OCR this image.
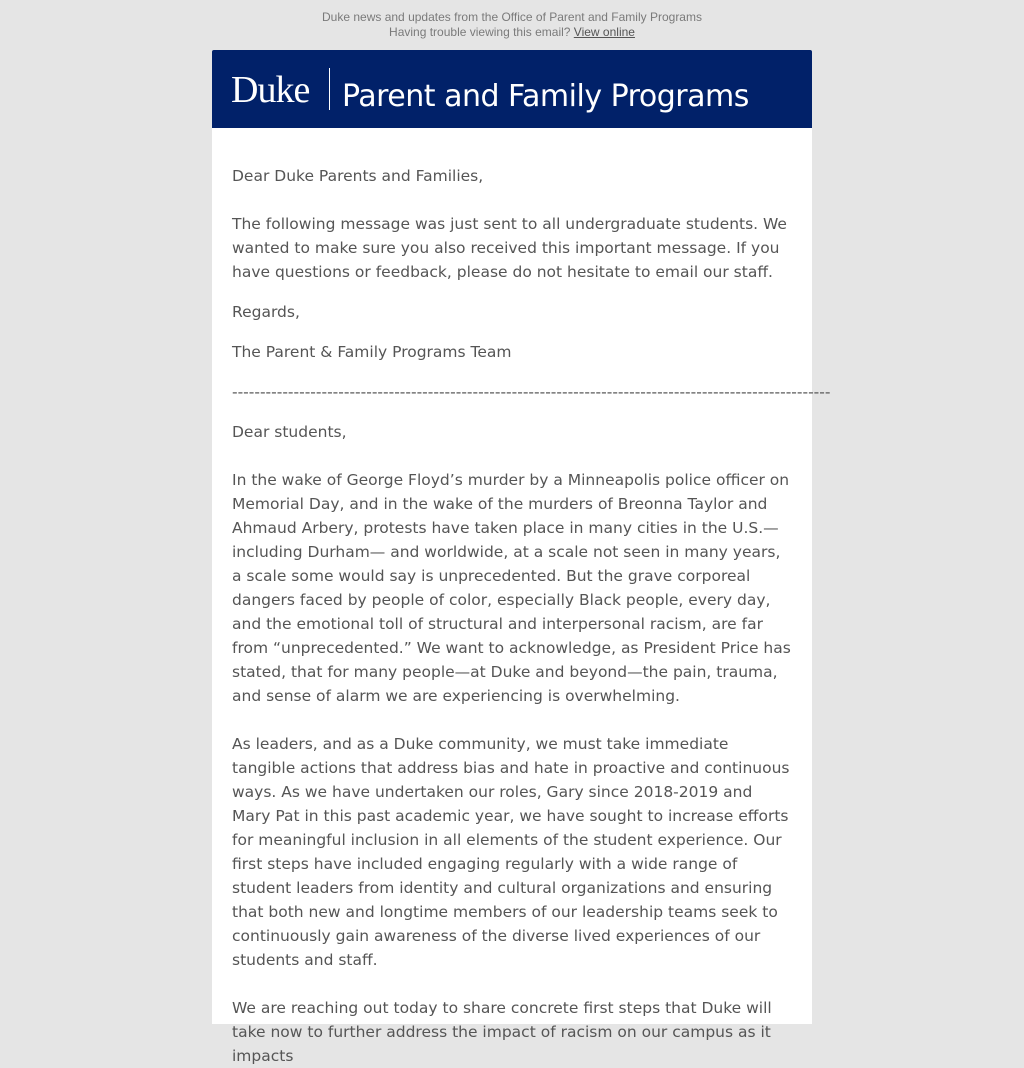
Duke news and updates from the Office of Parent and Family Programs
Having trouble viewing this email? View online
Duke Parent and Family Programs

Dear Duke Parents and Families,

The following message was just sent to all undergraduate students. We wanted to make sure you also received this important message. If you have questions or feedback, please do not hesitate to email our staff.

Regards,

The Parent & Family Programs Team

-----------------------------------------------------------------------------------------------------------

Dear students,

In the wake of George Floyd’s murder by a Minneapolis police officer on Memorial Day, and in the wake of the murders of Breonna Taylor and Ahmaud Arbery, protests have taken place in many cities in the U.S.—including Durham— and worldwide, at a scale not seen in many years, a scale some would say is unprecedented. But the grave corporeal dangers faced by people of color, especially Black people, every day, and the emotional toll of structural and interpersonal racism, are far from “unprecedented.” We want to acknowledge, as President Price has stated, that for many people—at Duke and beyond—the pain, trauma, and sense of alarm we are experiencing is overwhelming.

As leaders, and as a Duke community, we must take immediate tangible actions that address bias and hate in proactive and continuous ways. As we have undertaken our roles, Gary since 2018-2019 and Mary Pat in this past academic year, we have sought to increase efforts for meaningful inclusion in all elements of the student experience. Our first steps have included engaging regularly with a wide range of student leaders from identity and cultural organizations and ensuring that both new and longtime members of our leadership teams seek to continuously gain awareness of the diverse lived experiences of our students and staff.

We are reaching out today to share concrete first steps that Duke will take now to further address the impact of racism on our campus as it impacts
